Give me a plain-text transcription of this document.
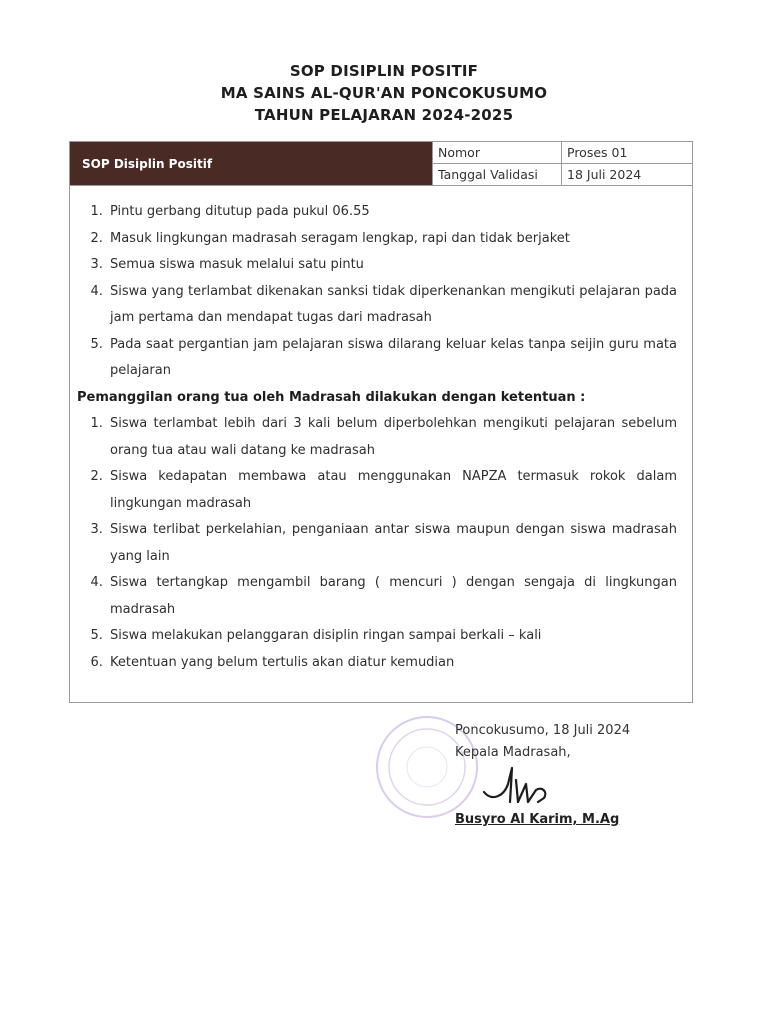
SOP DISIPLIN POSITIF
MA SAINS AL-QUR'AN PONCOKUSUMO
TAHUN PELAJARAN 2024-2025
SOP Disiplin Positif
Nomor	Proses 01
Tanggal Validasi	18 Juli 2024
1. Pintu gerbang ditutup pada pukul 06.55
2. Masuk lingkungan madrasah seragam lengkap, rapi dan tidak berjaket
3. Semua siswa masuk melalui satu pintu
4. Siswa yang terlambat dikenakan sanksi tidak diperkenankan mengikuti pelajaran pada jam pertama dan mendapat tugas dari madrasah
5. Pada saat pergantian jam pelajaran siswa dilarang keluar kelas tanpa seijin guru mata pelajaran
Pemanggilan orang tua oleh Madrasah dilakukan dengan ketentuan :
1. Siswa terlambat lebih dari 3 kali belum diperbolehkan mengikuti pelajaran sebelum orang tua atau wali datang ke madrasah
2. Siswa kedapatan membawa atau menggunakan NAPZA termasuk rokok dalam lingkungan madrasah
3. Siswa terlibat perkelahian, penganiaan antar siswa maupun dengan siswa madrasah yang lain
4. Siswa tertangkap mengambil barang ( mencuri ) dengan sengaja di lingkungan madrasah
5. Siswa melakukan pelanggaran disiplin ringan sampai berkali – kali
6. Ketentuan yang belum tertulis akan diatur kemudian
Poncokusumo, 18 Juli 2024
Kepala Madrasah,
Busyro Al Karim, M.Ag
